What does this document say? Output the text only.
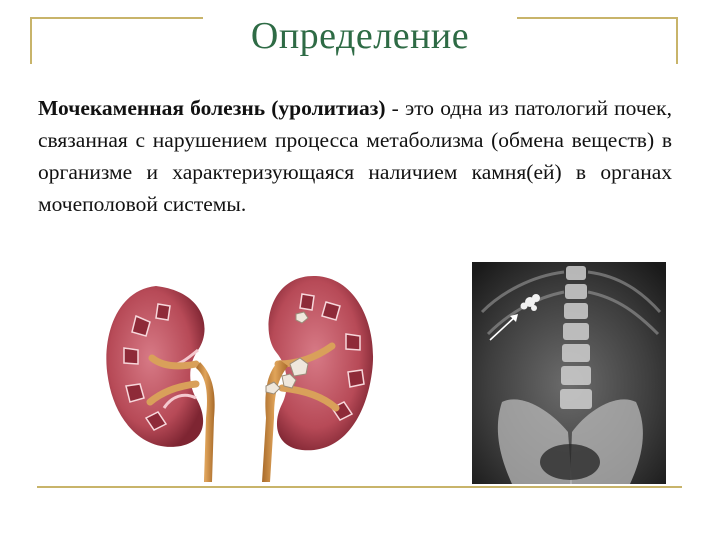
Определение
Мочекаменная болезнь (уролитиаз) - это одна из патологий почек, связанная с нарушением процесса метаболизма (обмена веществ) в организме и характеризующаяся наличием камня(ей) в органах мочеполовой системы.
